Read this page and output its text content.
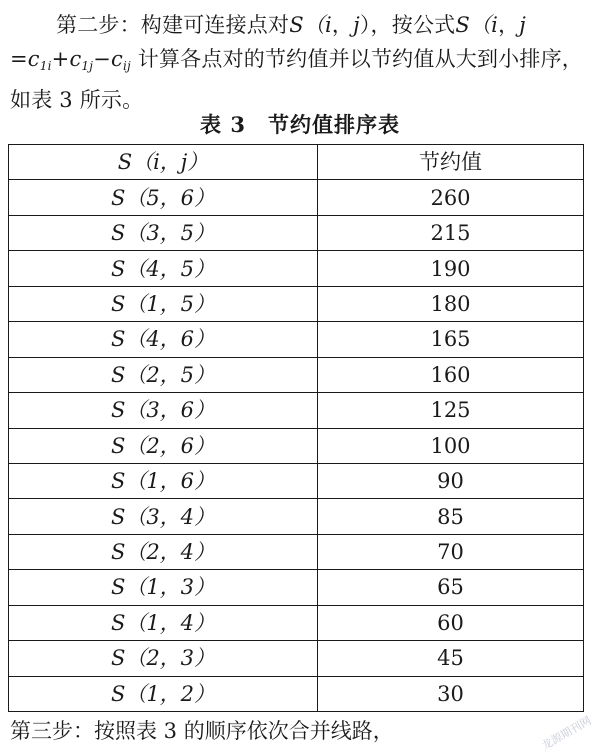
第二步：构建可连接点对S（i，j），按公式S（i，j
$=c_{1i}+c_{1j}-c_{ij}$ 计算各点对的节约值并以节约值从大到小排序，
如表 3 所示。
表 3　节约值排序表
S（i，j）	节约值
S（5，6）	260
S（3，5）	215
S（4，5）	190
S（1，5）	180
S（4，6）	165
S（2，5）	160
S（3，6）	125
S（2，6）	100
S（1，6）	90
S（3，4）	85
S（2，4）	70
S（1，3）	65
S（1，4）	60
S（2，3）	45
S（1，2）	30
第三步：按照表 3 的顺序依次合并线路，	龙源期刊网
